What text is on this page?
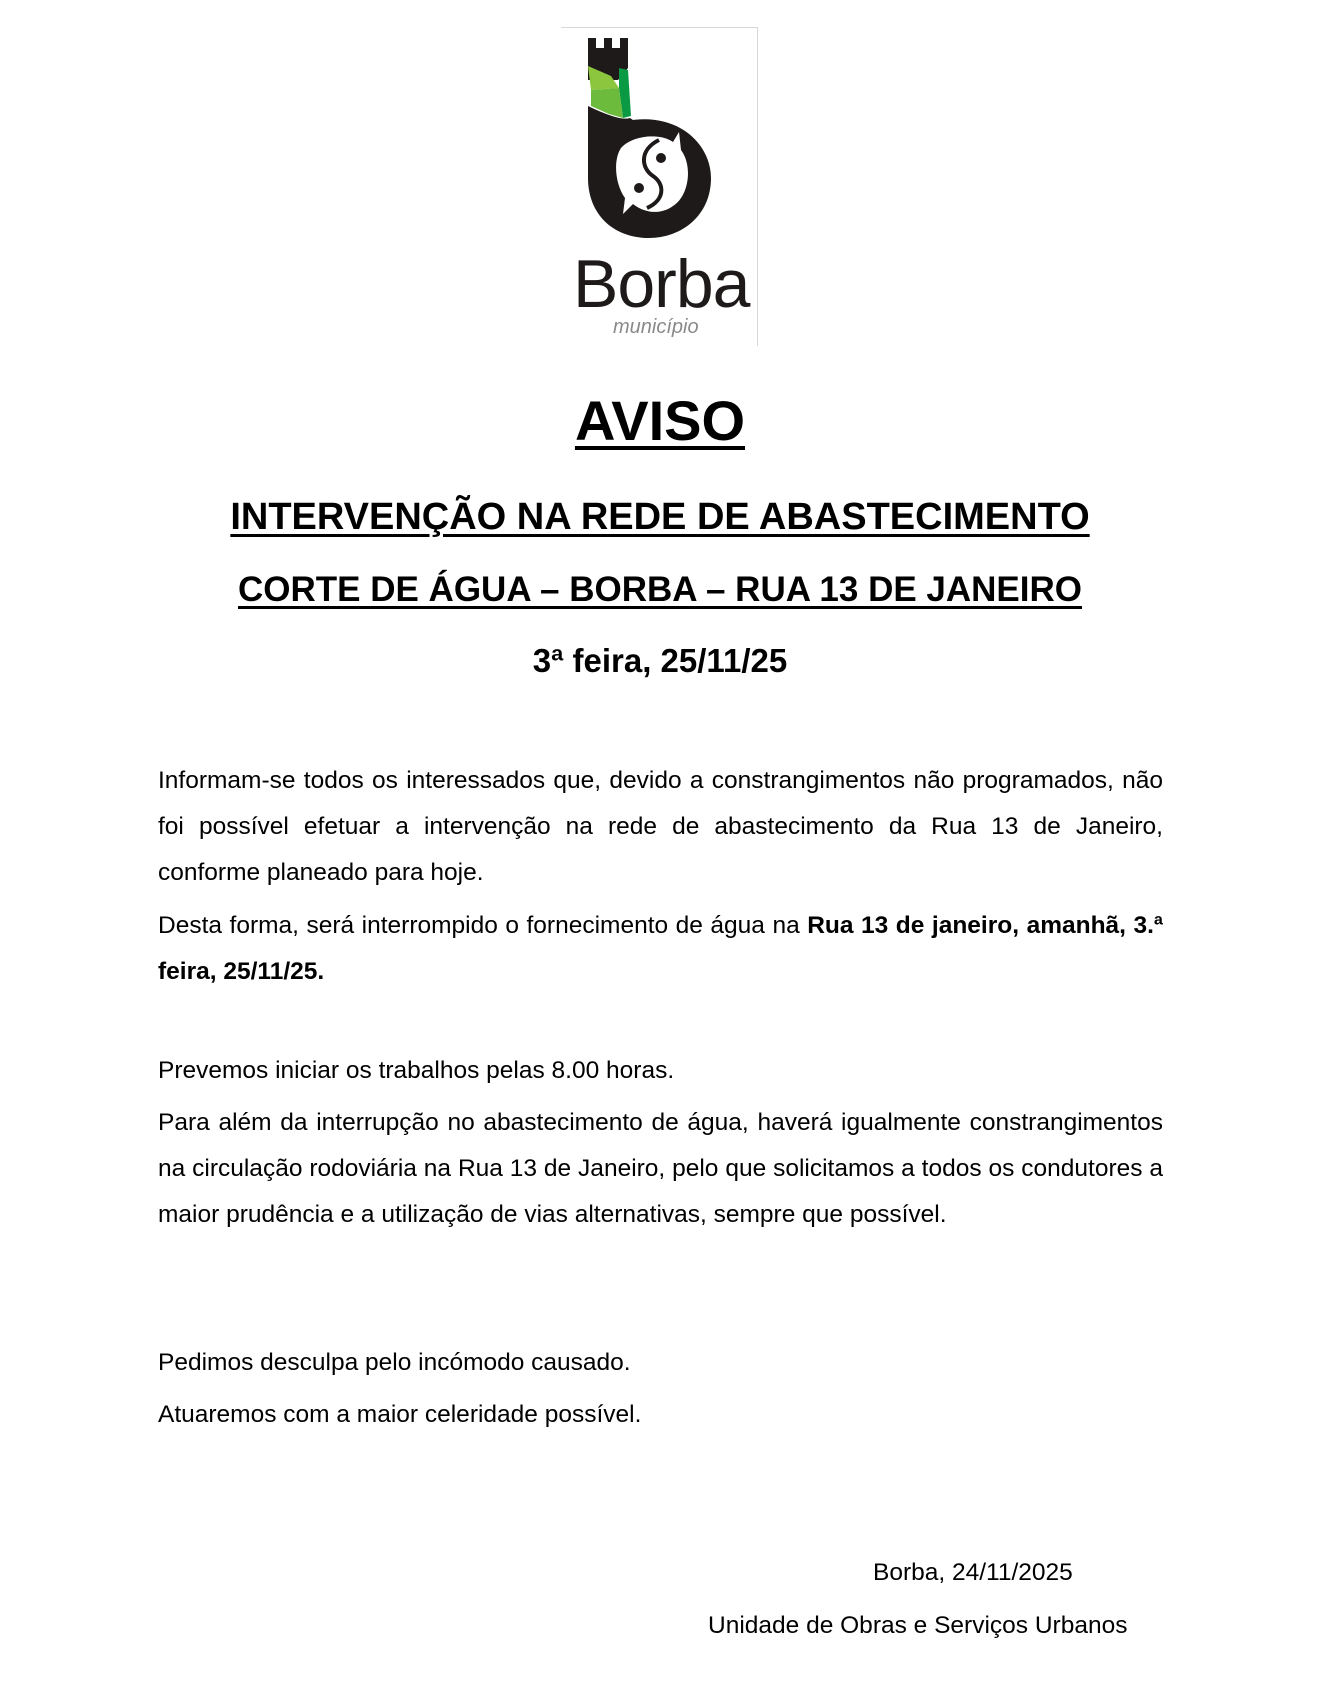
Borba
município
AVISO
INTERVENÇÃO NA REDE DE ABASTECIMENTO
CORTE DE ÁGUA – BORBA – RUA 13 DE JANEIRO
3ª feira, 25/11/25

Informam-se todos os interessados que, devido a constrangimentos não programados, não foi possível efetuar a intervenção na rede de abastecimento da Rua 13 de Janeiro, conforme planeado para hoje.

Desta forma, será interrompido o fornecimento de água na Rua 13 de janeiro, amanhã, 3.ª feira, 25/11/25.

Prevemos iniciar os trabalhos pelas 8.00 horas.

Para além da interrupção no abastecimento de água, haverá igualmente constrangimentos na circulação rodoviária na Rua 13 de Janeiro, pelo que solicitamos a todos os condutores a maior prudência e a utilização de vias alternativas, sempre que possível.

Pedimos desculpa pelo incómodo causado.

Atuaremos com a maior celeridade possível.

Borba, 24/11/2025
Unidade de Obras e Serviços Urbanos
